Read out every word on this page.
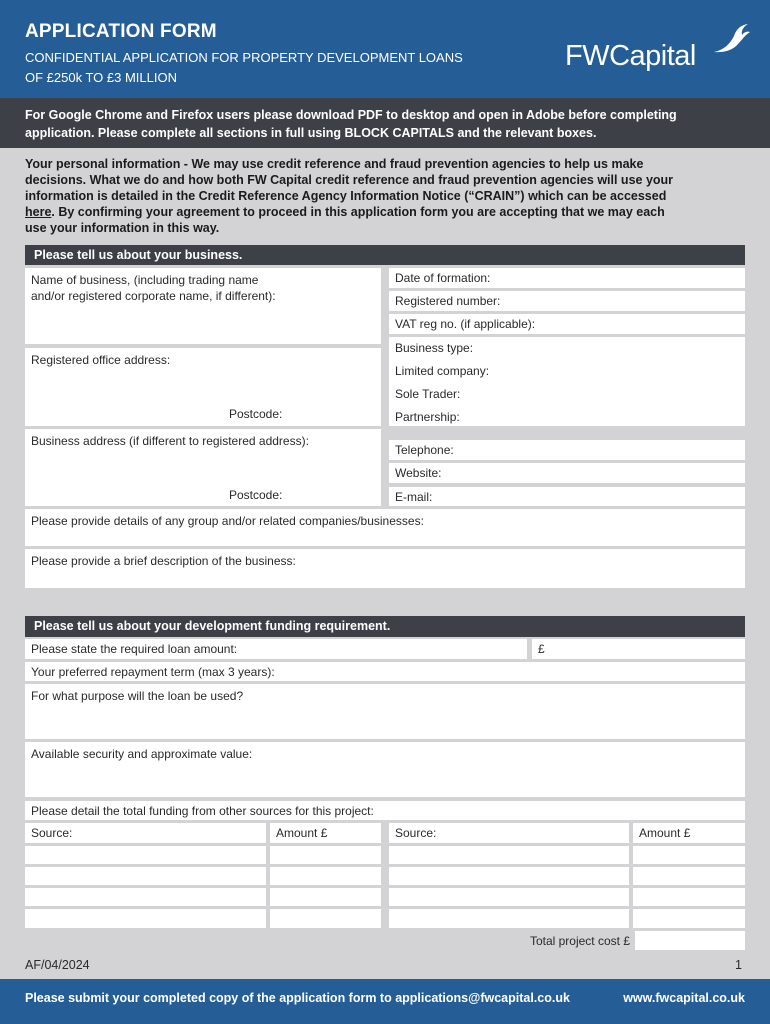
APPLICATION FORM
CONFIDENTIAL APPLICATION FOR PROPERTY DEVELOPMENT LOANS
OF £250k TO £3 MILLION
FWCapital
For Google Chrome and Firefox users please download PDF to desktop and open in Adobe before completing
application. Please complete all sections in full using BLOCK CAPITALS and the relevant boxes.
Your personal information - We may use credit reference and fraud prevention agencies to help us make
decisions. What we do and how both FW Capital credit reference and fraud prevention agencies will use your
information is detailed in the Credit Reference Agency Information Notice (“CRAIN”) which can be accessed
here. By confirming your agreement to proceed in this application form you are accepting that we may each
use your information in this way.
Please tell us about your business.
Name of business, (including trading name
and/or registered corporate name, if different):
Date of formation:
Registered number:
VAT reg no. (if applicable):
Business type:
Limited company:
Sole Trader:
Partnership:
Registered office address:
Postcode:
Business address (if different to registered address):
Postcode:
Telephone:
Website:
E-mail:
Please provide details of any group and/or related companies/businesses:
Please provide a brief description of the business:
Please tell us about your development funding requirement.
Please state the required loan amount:	£
Your preferred repayment term (max 3 years):
For what purpose will the loan be used?
Available security and approximate value:
Please detail the total funding from other sources for this project:
Source:	Amount £	Source:	Amount £
Total project cost £
AF/04/2024	1
Please submit your completed copy of the application form to applications@fwcapital.co.uk	www.fwcapital.co.uk
